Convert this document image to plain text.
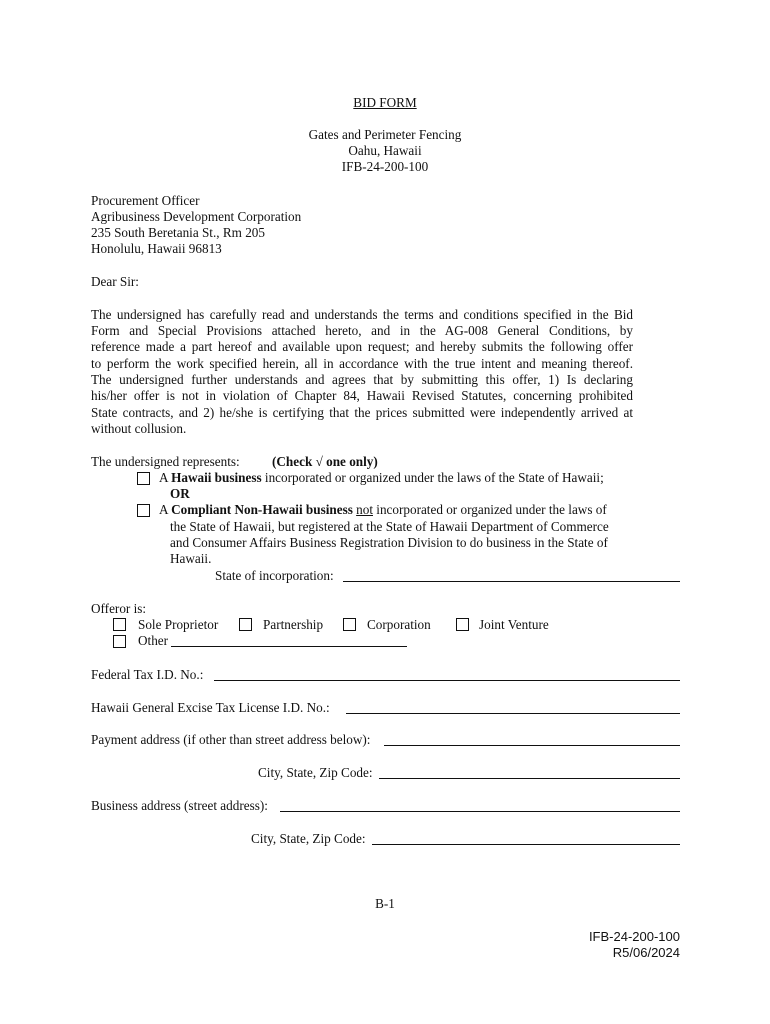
BID FORM
Gates and Perimeter Fencing
Oahu, Hawaii
IFB-24-200-100
Procurement Officer
Agribusiness Development Corporation
235 South Beretania St., Rm 205
Honolulu, Hawaii 96813
Dear Sir:
The undersigned has carefully read and understands the terms and conditions specified in the Bid
Form and Special Provisions attached hereto, and in the AG-008 General Conditions, by
reference made a part hereof and available upon request; and hereby submits the following offer
to perform the work specified herein, all in accordance with the true intent and meaning thereof.
The undersigned further understands and agrees that by submitting this offer, 1) Is declaring
his/her offer is not in violation of Chapter 84, Hawaii Revised Statutes, concerning prohibited
State contracts, and 2) he/she is certifying that the prices submitted were independently arrived at
without collusion.
The undersigned represents: (Check √ one only)
A Hawaii business incorporated or organized under the laws of the State of Hawaii;
OR
A Compliant Non-Hawaii business not incorporated or organized under the laws of
the State of Hawaii, but registered at the State of Hawaii Department of Commerce
and Consumer Affairs Business Registration Division to do business in the State of
Hawaii.
State of incorporation:
Offeror is:
Sole Proprietor	Partnership	Corporation	Joint Venture
Other
Federal Tax I.D. No.:
Hawaii General Excise Tax License I.D. No.:
Payment address (if other than street address below):
City, State, Zip Code:
Business address (street address):
City, State, Zip Code:
B-1
IFB-24-200-100
R5/06/2024
